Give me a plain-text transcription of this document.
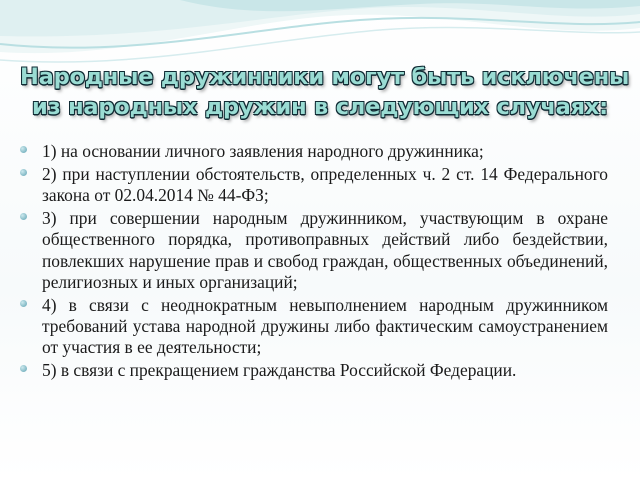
Народные дружинники могут быть исключены
из народных дружин в следующих случаях:
1) на основании личного заявления народного дружинника;
2) при наступлении обстоятельств, определенных ч. 2 ст. 14 Федерального закона от 02.04.2014 № 44-ФЗ;
3) при совершении народным дружинником, участвующим в охране общественного порядка, противоправных действий либо бездействии, повлекших нарушение прав и свобод граждан, общественных объединений, религиозных и иных организаций;
4) в связи с неоднократным невыполнением народным дружинником требований устава народной дружины либо фактическим самоустранением от участия в ее деятельности;
5) в связи с прекращением гражданства Российской Федерации.
